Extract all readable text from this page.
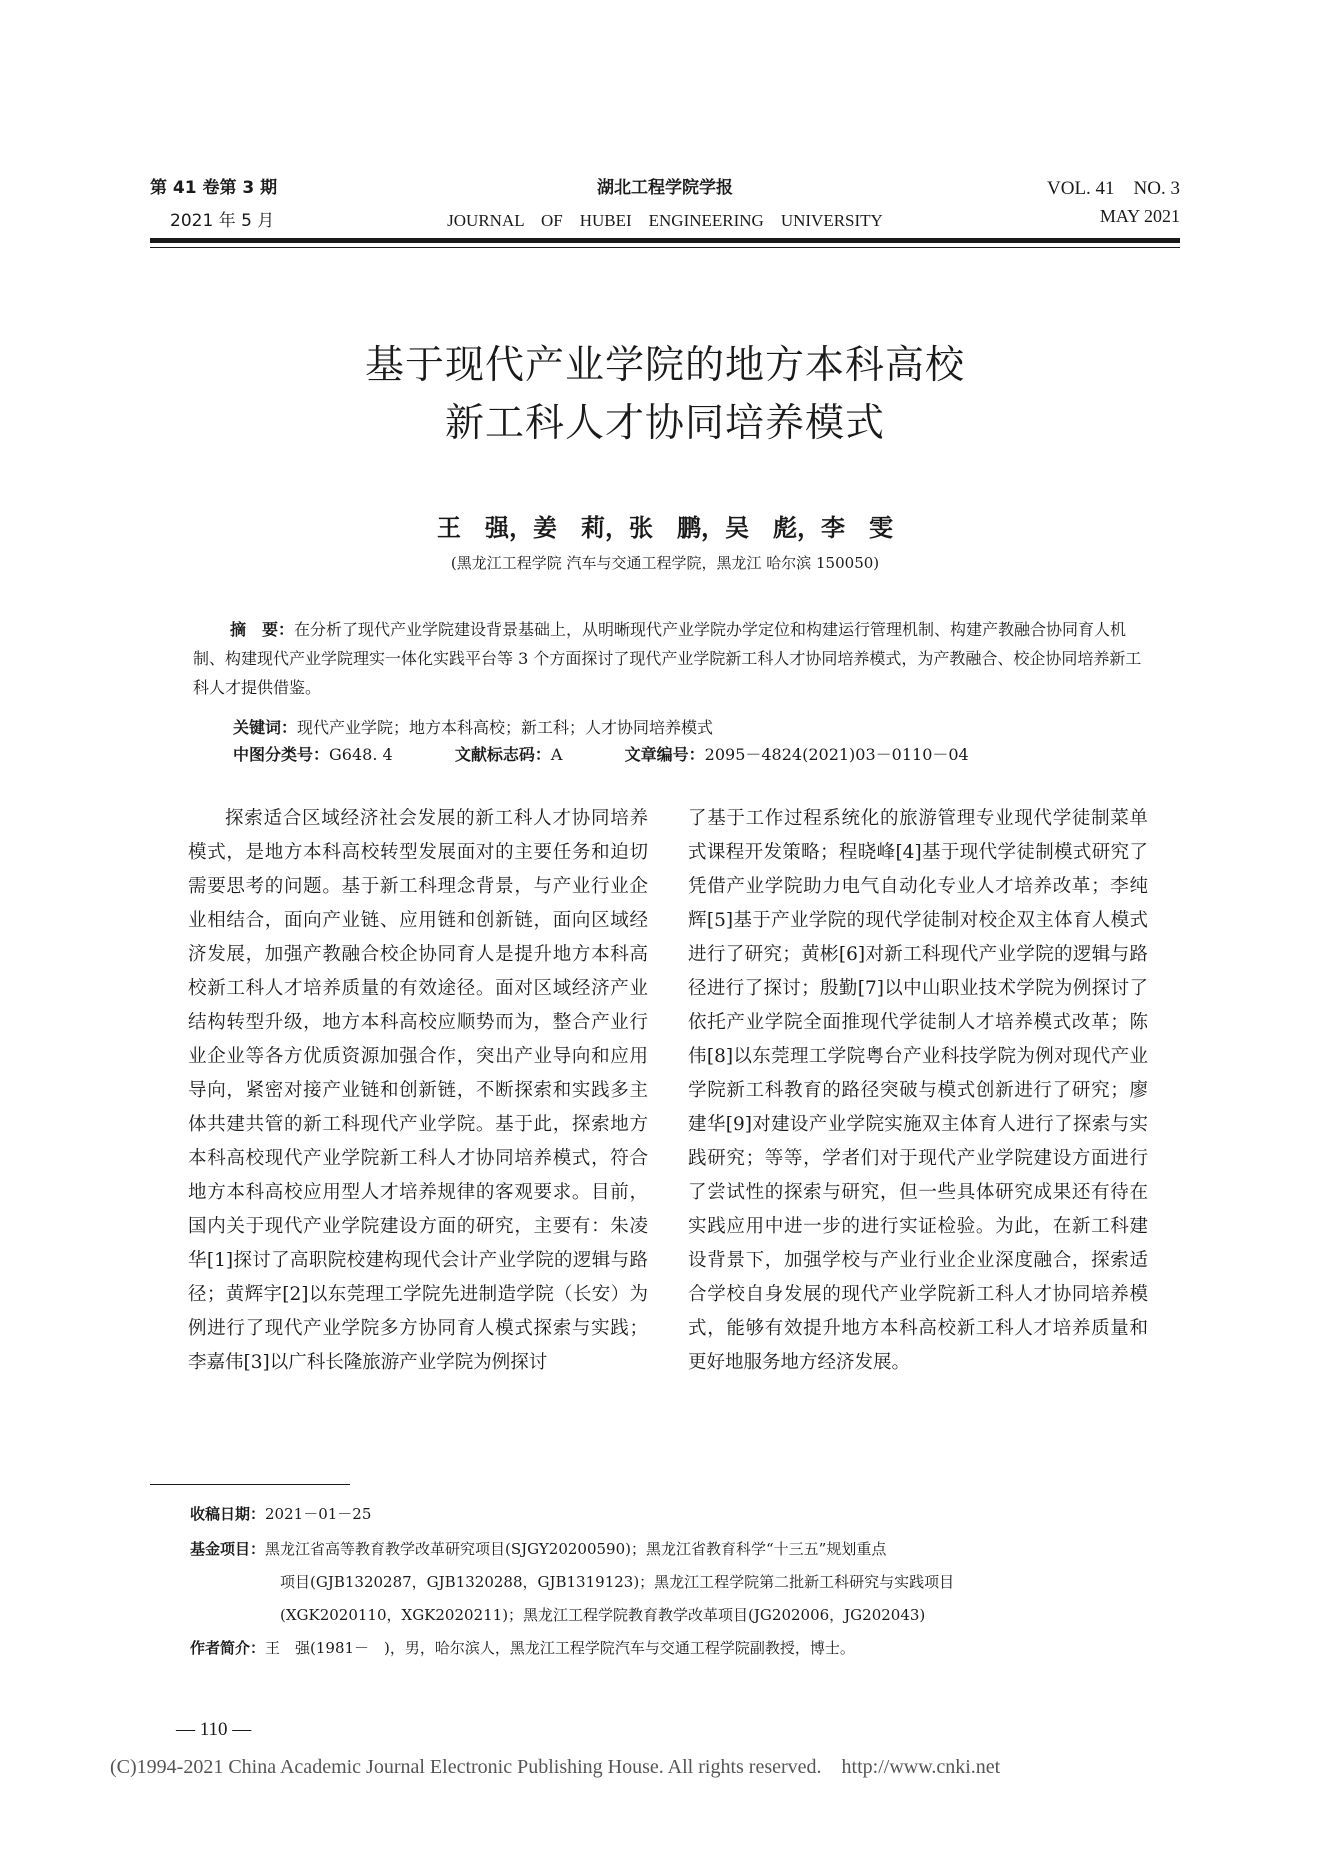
第 41 卷第 3 期
2021 年 5 月
湖北工程学院学报
JOURNAL　OF　HUBEI　ENGINEERING　UNIVERSITY
VOL. 41　NO. 3
MAY 2021
基于现代产业学院的地方本科高校
新工科人才协同培养模式
王　强，姜　莉，张　鹏，吴　彪，李　雯
(黑龙江工程学院 汽车与交通工程学院，黑龙江 哈尔滨 150050)
摘　要：在分析了现代产业学院建设背景基础上，从明晰现代产业学院办学定位和构建运行管理机制、构建产教融合协同育人机制、构建现代产业学院理实一体化实践平台等 3 个方面探讨了现代产业学院新工科人才协同培养模式，为产教融合、校企协同培养新工科人才提供借鉴。
关键词：现代产业学院；地方本科高校；新工科；人才协同培养模式
中图分类号：G648. 4	文献标志码：A	文章编号：2095－4824(2021)03－0110－04

探索适合区域经济社会发展的新工科人才协同培养模式，是地方本科高校转型发展面对的主要任务和迫切需要思考的问题。基于新工科理念背景，与产业行业企业相结合，面向产业链、应用链和创新链，面向区域经济发展，加强产教融合校企协同育人是提升地方本科高校新工科人才培养质量的有效途径。面对区域经济产业结构转型升级，地方本科高校应顺势而为，整合产业行业企业等各方优质资源加强合作，突出产业导向和应用导向，紧密对接产业链和创新链，不断探索和实践多主体共建共管的新工科现代产业学院。基于此，探索地方本科高校现代产业学院新工科人才协同培养模式，符合地方本科高校应用型人才培养规律的客观要求。目前，国内关于现代产业学院建设方面的研究，主要有：朱凌华[1]探讨了高职院校建构现代会计产业学院的逻辑与路径；黄辉宇[2]以东莞理工学院先进制造学院（长安）为例进行了现代产业学院多方协同育人模式探索与实践；李嘉伟[3]以广科长隆旅游产业学院为例探讨

了基于工作过程系统化的旅游管理专业现代学徒制菜单式课程开发策略；程晓峰[4]基于现代学徒制模式研究了凭借产业学院助力电气自动化专业人才培养改革；李纯辉[5]基于产业学院的现代学徒制对校企双主体育人模式进行了研究；黄彬[6]对新工科现代产业学院的逻辑与路径进行了探讨；殷勤[7]以中山职业技术学院为例探讨了依托产业学院全面推现代学徒制人才培养模式改革；陈伟[8]以东莞理工学院粤台产业科技学院为例对现代产业学院新工科教育的路径突破与模式创新进行了研究；廖建华[9]对建设产业学院实施双主体育人进行了探索与实践研究；等等，学者们对于现代产业学院建设方面进行了尝试性的探索与研究，但一些具体研究成果还有待在实践应用中进一步的进行实证检验。为此，在新工科建设背景下，加强学校与产业行业企业深度融合，探索适合学校自身发展的现代产业学院新工科人才协同培养模式，能够有效提升地方本科高校新工科人才培养质量和更好地服务地方经济发展。

收稿日期：2021－01－25
基金项目：黑龙江省高等教育教学改革研究项目(SJGY20200590)；黑龙江省教育科学“十三五”规划重点
项目(GJB1320287，GJB1320288，GJB1319123)；黑龙江工程学院第二批新工科研究与实践项目
(XGK2020110，XGK2020211)；黑龙江工程学院教育教学改革项目(JG202006，JG202043)
作者简介：王　强(1981－　)，男，哈尔滨人，黑龙江工程学院汽车与交通工程学院副教授，博士。
— 110 —
(C)1994-2021 China Academic Journal Electronic Publishing House. All rights reserved.　http://www.cnki.net
